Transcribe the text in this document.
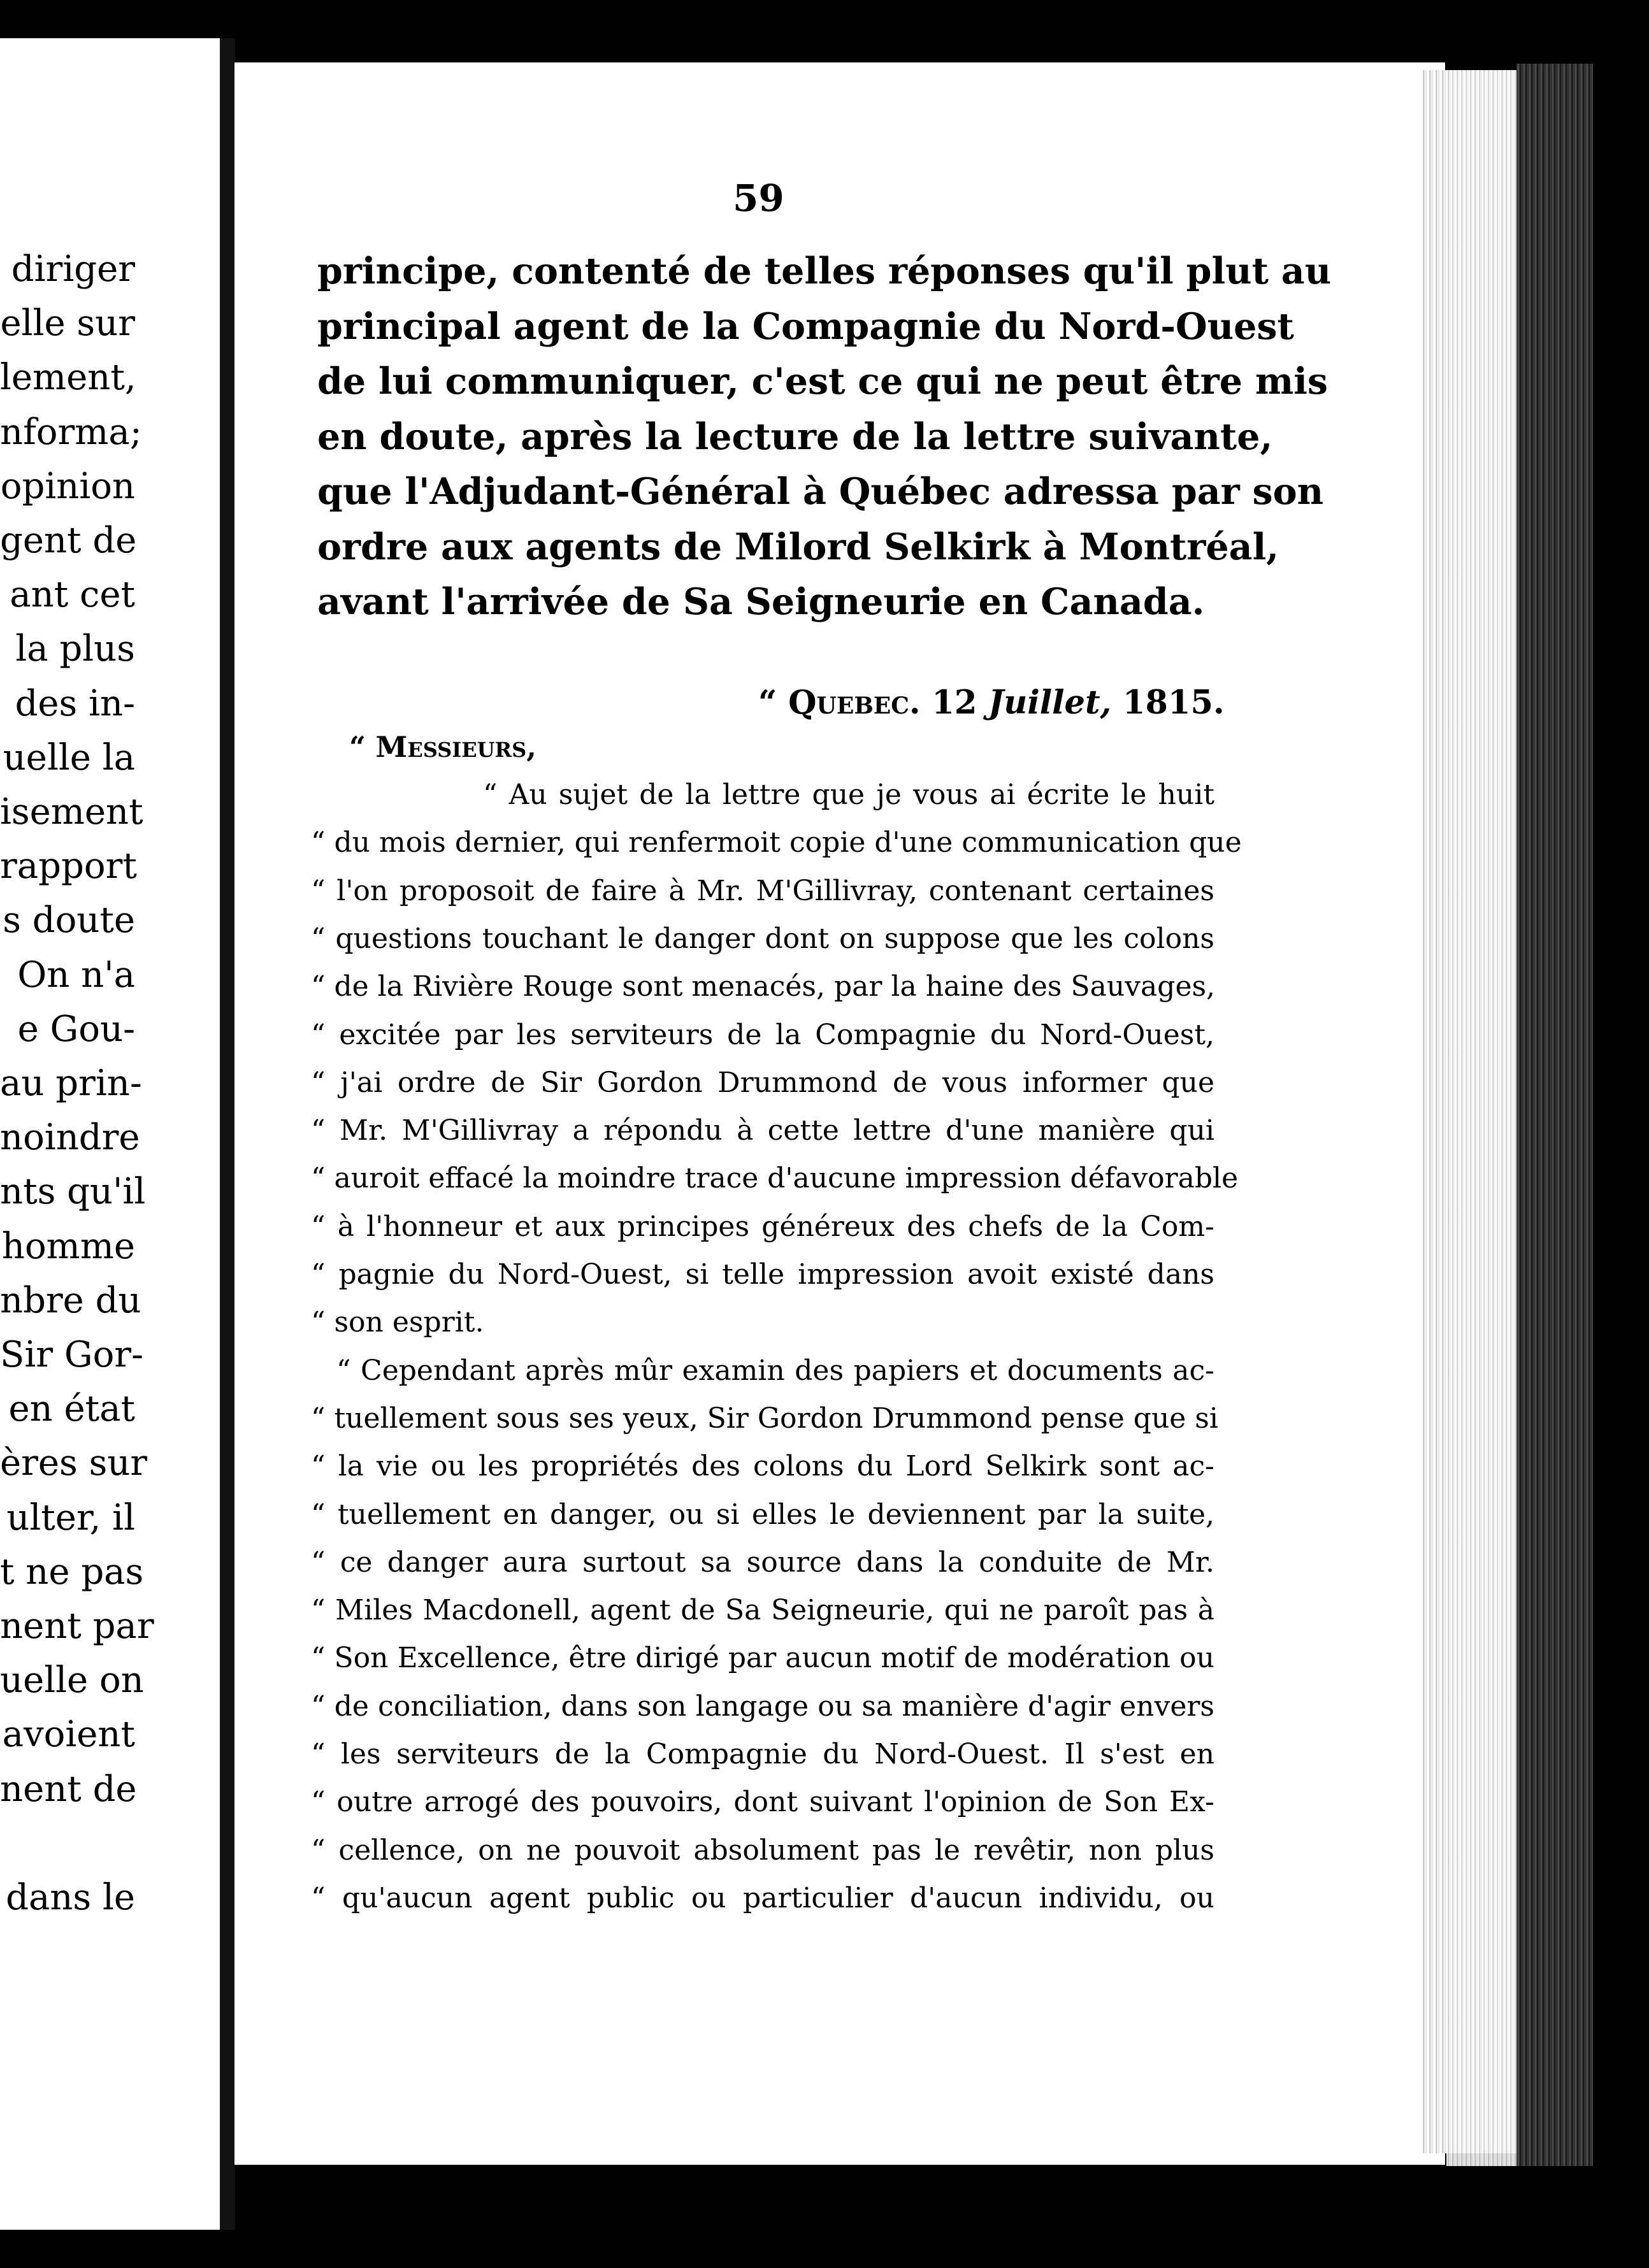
diriger
elle sur
lement,
nforma;
opinion
gent de
ant cet
la plus
des in-
uelle la
isement
rapport
s doute
On n'a
e Gou-
au prin-
noindre
nts qu'il
homme
nbre du
Sir Gor-
en état
ères sur
ulter, il
t ne pas
nent par
uelle on
avoient
nent de
dans le
59
principe, contenté de telles réponses qu'il plut au
principal agent de la Compagnie du Nord-Ouest
de lui communiquer, c'est ce qui ne peut être mis
en doute, après la lecture de la lettre suivante,
que l'Adjudant-Général à Québec adressa par son
ordre aux agents de Milord Selkirk à Montréal,
avant l'arrivée de Sa Seigneurie en Canada.
“ Quebec. 12 Juillet, 1815.
“ Messieurs,
“ Au sujet de la lettre que je vous ai écrite le huit
“ du mois dernier, qui renfermoit copie d'une communication que
“ l'on proposoit de faire à Mr. M'Gillivray, contenant certaines
“ questions touchant le danger dont on suppose que les colons
“ de la Rivière Rouge sont menacés, par la haine des Sauvages,
“ excitée par les serviteurs de la Compagnie du Nord-Ouest,
“ j'ai ordre de Sir Gordon Drummond de vous informer que
“ Mr. M'Gillivray a répondu à cette lettre d'une manière qui
“ auroit effacé la moindre trace d'aucune impression défavorable
“ à l'honneur et aux principes généreux des chefs de la Com-
“ pagnie du Nord-Ouest, si telle impression avoit existé dans
“ son esprit.
“ Cependant après mûr examin des papiers et documents ac-
“ tuellement sous ses yeux, Sir Gordon Drummond pense que si
“ la vie ou les propriétés des colons du Lord Selkirk sont ac-
“ tuellement en danger, ou si elles le deviennent par la suite,
“ ce danger aura surtout sa source dans la conduite de Mr.
“ Miles Macdonell, agent de Sa Seigneurie, qui ne paroît pas à
“ Son Excellence, être dirigé par aucun motif de modération ou
“ de conciliation, dans son langage ou sa manière d'agir envers
“ les serviteurs de la Compagnie du Nord-Ouest. Il s'est en
“ outre arrogé des pouvoirs, dont suivant l'opinion de Son Ex-
“ cellence, on ne pouvoit absolument pas le revêtir, non plus
“ qu'aucun agent public ou particulier d'aucun individu, ou
